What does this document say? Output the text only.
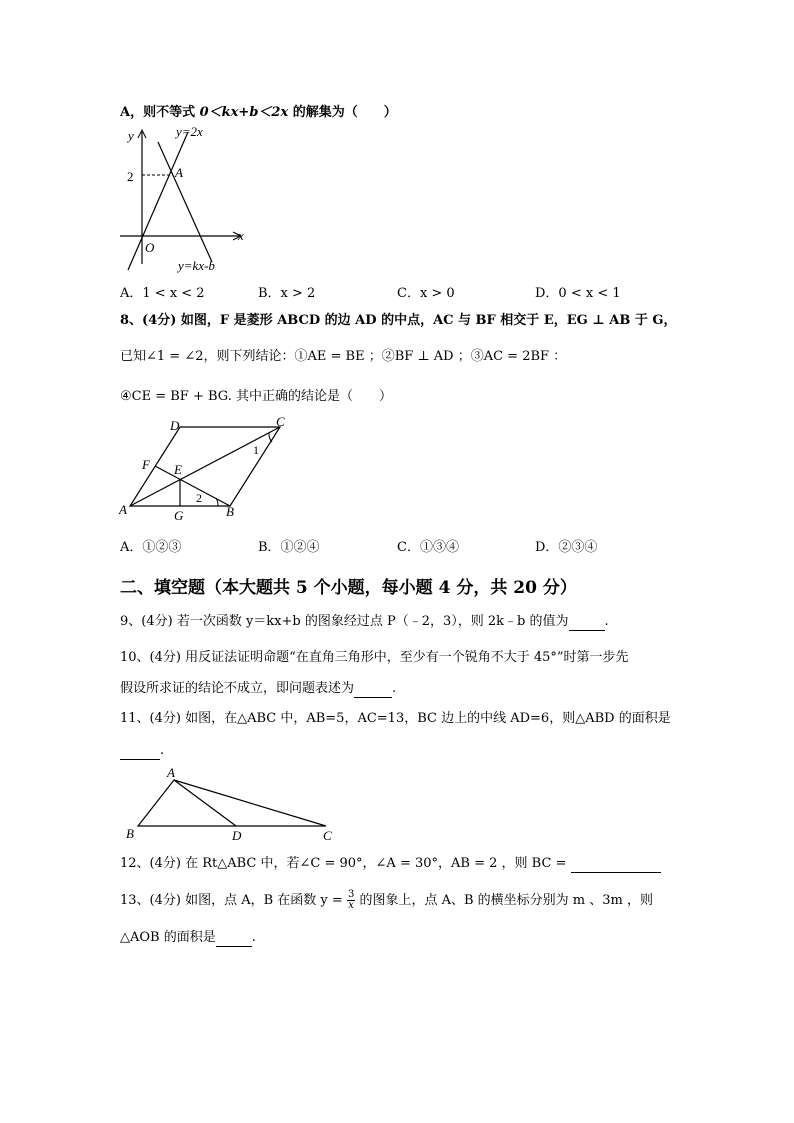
A，则不等式 0＜kx+b＜2x 的解集为（　　）
y
x
O
2	A
y=2x
y=kx-b
A．1 < x < 2	B．x > 2	C．x > 0	D．0 < x < 1
8、(4分) 如图，F 是菱形 ABCD 的边 AD 的中点，AC 与 BF 相交于 E，EG ⊥ AB 于 G，
已知∠1 = ∠2，则下列结论：①AE = BE ；②BF ⊥ AD ；③AC = 2BF ：
④CE = BF + BG. 其中正确的结论是（　　）
D	C
F E
A	G	B
1
2
A．①②③	B．①②④	C．①③④	D．②③④
二、填空题（本大题共 5 个小题，每小题 4 分，共 20 分）
9、(4分) 若一次函数 y＝kx+b 的图象经过点 P（﹣2，3），则 2k﹣b 的值为	.
10、(4分) 用反证法证明命题“在直角三角形中，至少有一个锐角不大于 45°”时第一步先
假设所求证的结论不成立，即问题表述为	.
11、(4分) 如图，在△ABC 中，AB=5，AC=13，BC 边上的中线 AD=6，则△ABD 的面积是
.
A
B	D	C
12、(4分) 在 Rt△ABC 中，若∠C = 90°，∠A = 30°，AB = 2 ，则 BC =
13、(4分) 如图，点 A，B 在函数 $y = \frac{3}{x}$ 的图象上，点 A、B 的横坐标分别为 m 、3m ，则
△AOB 的面积是	.
